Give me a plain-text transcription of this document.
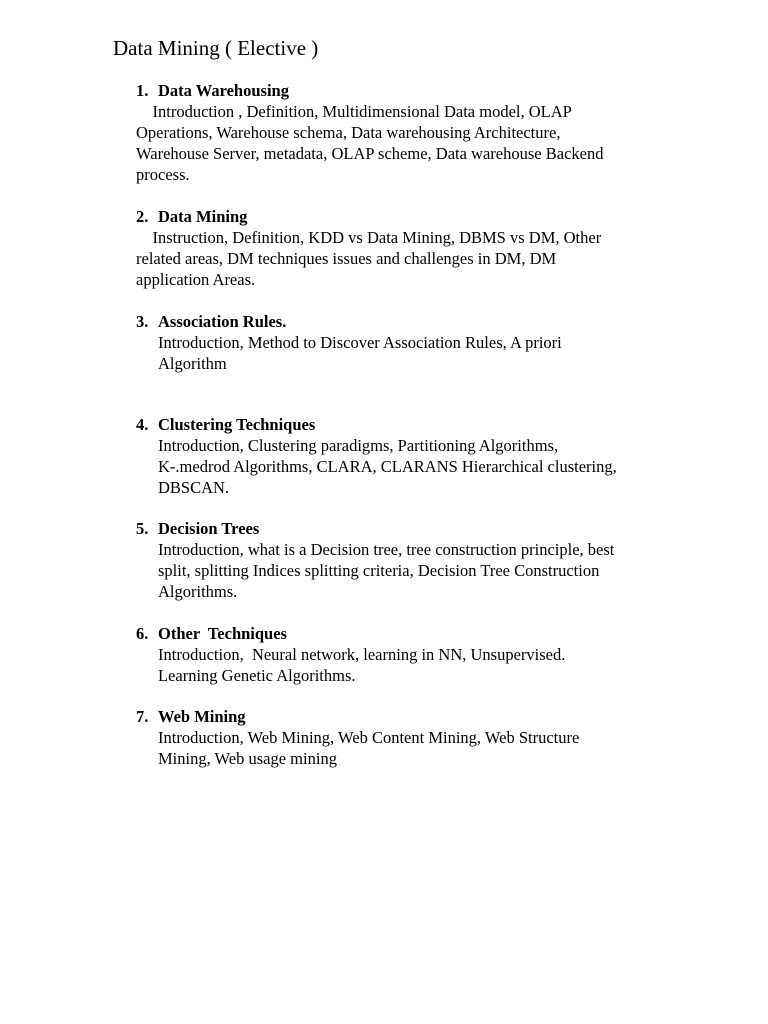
Data Mining ( Elective )
1. Data Warehousing
Introduction , Definition, Multidimensional Data model, OLAP
Operations, Warehouse schema, Data warehousing Architecture,
Warehouse Server, metadata, OLAP scheme, Data warehouse Backend
process.
2. Data Mining
Instruction, Definition, KDD vs Data Mining, DBMS vs DM, Other
related areas, DM techniques issues and challenges in DM, DM
application Areas.
3. Association Rules.
Introduction, Method to Discover Association Rules, A priori
Algorithm
4. Clustering Techniques
Introduction, Clustering paradigms, Partitioning Algorithms,
K-.medrod Algorithms, CLARA, CLARANS Hierarchical clustering,
DBSCAN.
5. Decision Trees
Introduction, what is a Decision tree, tree construction principle, best
split, splitting Indices splitting criteria, Decision Tree Construction
Algorithms.
6. Other  Techniques
Introduction,  Neural network, learning in NN, Unsupervised.
Learning Genetic Algorithms.
7. Web Mining
Introduction, Web Mining, Web Content Mining, Web Structure
Mining, Web usage mining
